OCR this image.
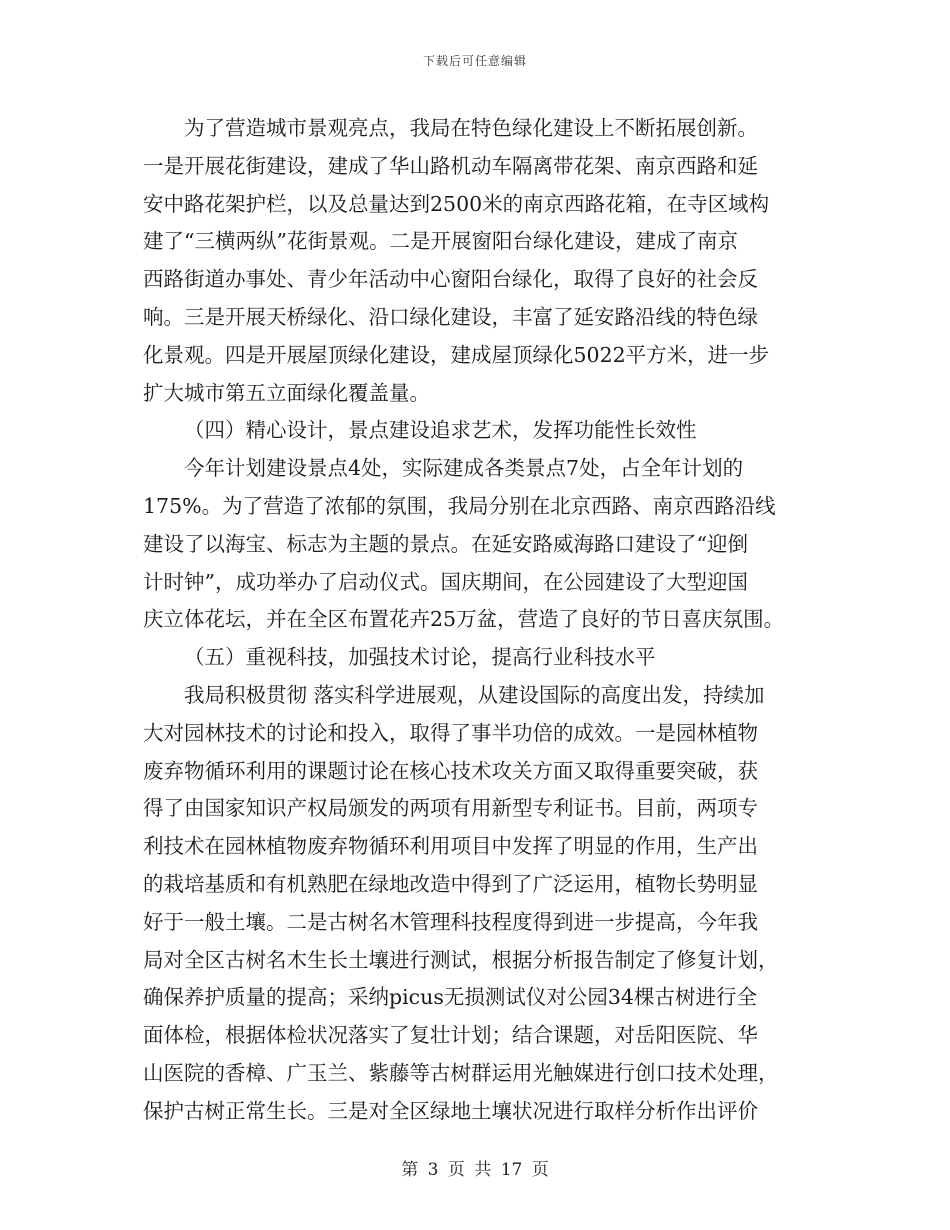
下载后可任意编辑
为了营造城市景观亮点，我局在特色绿化建设上不断拓展创新。
一是开展花街建设，建成了华山路机动车隔离带花架、南京西路和延
安中路花架护栏，以及总量达到2500米的南京西路花箱，在寺区域构
建了“三横两纵”花街景观。二是开展窗阳台绿化建设，建成了南京
西路街道办事处、青少年活动中心窗阳台绿化，取得了良好的社会反
响。三是开展天桥绿化、沿口绿化建设，丰富了延安路沿线的特色绿
化景观。四是开展屋顶绿化建设，建成屋顶绿化5022平方米，进一步
扩大城市第五立面绿化覆盖量。
（四）精心设计，景点建设追求艺术，发挥功能性长效性
今年计划建设景点4处，实际建成各类景点7处，占全年计划的
175%。为了营造了浓郁的氛围，我局分别在北京西路、南京西路沿线
建设了以海宝、标志为主题的景点。在延安路威海路口建设了“迎倒
计时钟”，成功举办了启动仪式。国庆期间，在公园建设了大型迎国
庆立体花坛，并在全区布置花卉25万盆，营造了良好的节日喜庆氛围。
（五）重视科技，加强技术讨论，提高行业科技水平
我局积极贯彻 落实科学进展观，从建设国际的高度出发，持续加
大对园林技术的讨论和投入，取得了事半功倍的成效。一是园林植物
废弃物循环利用的课题讨论在核心技术攻关方面又取得重要突破，获
得了由国家知识产权局颁发的两项有用新型专利证书。目前，两项专
利技术在园林植物废弃物循环利用项目中发挥了明显的作用，生产出
的栽培基质和有机熟肥在绿地改造中得到了广泛运用，植物长势明显
好于一般土壤。二是古树名木管理科技程度得到进一步提高，今年我
局对全区古树名木生长土壤进行测试，根据分析报告制定了修复计划，
确保养护质量的提高；采纳picus无损测试仪对公园34棵古树进行全
面体检，根据体检状况落实了复壮计划；结合课题，对岳阳医院、华
山医院的香樟、广玉兰、紫藤等古树群运用光触媒进行创口技术处理，
保护古树正常生长。三是对全区绿地土壤状况进行取样分析作出评价
第 3 页 共 17 页
